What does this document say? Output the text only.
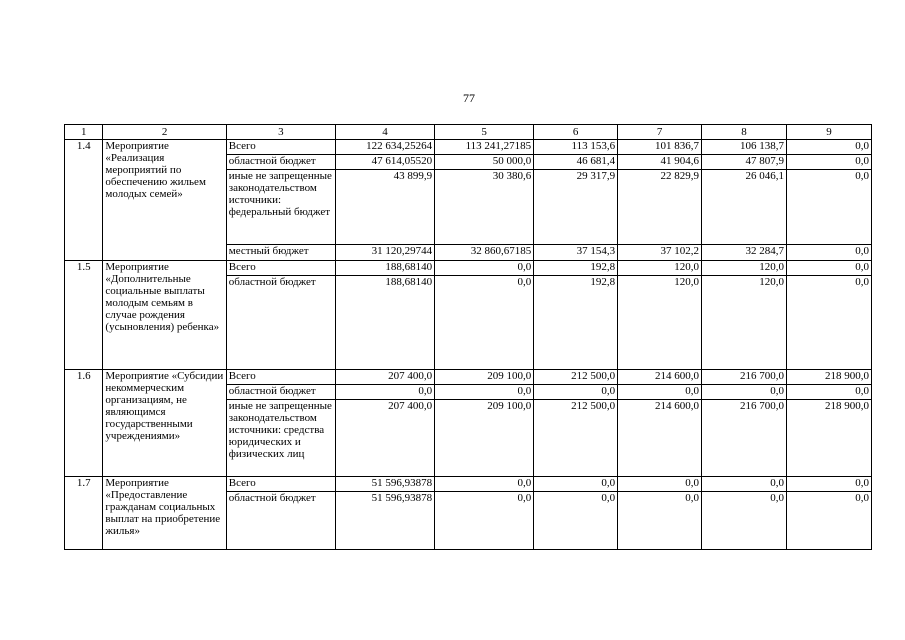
77
1	2	3	4	5	6	7	8	9
1.4	Мероприятие «Реализация мероприятий по обеспечению жильем молодых семей»	Всего	122 634,25264	113 241,27185	113 153,6	101 836,7	106 138,7	0,0
		областной бюджет	47 614,05520	50 000,0	46 681,4	41 904,6	47 807,9	0,0
		иные не запрещенные законодательством источники: федеральный бюджет	43 899,9	30 380,6	29 317,9	22 829,9	26 046,1	0,0
		местный бюджет	31 120,29744	32 860,67185	37 154,3	37 102,2	32 284,7	0,0
1.5	Мероприятие «Дополнительные социальные выплаты молодым семьям в случае рождения (усыновления) ребенка»	Всего	188,68140	0,0	192,8	120,0	120,0	0,0
		областной бюджет	188,68140	0,0	192,8	120,0	120,0	0,0
1.6	Мероприятие «Субсидии некоммерческим организациям, не являющимся государственными учреждениями»	Всего	207 400,0	209 100,0	212 500,0	214 600,0	216 700,0	218 900,0
		областной бюджет	0,0	0,0	0,0	0,0	0,0	0,0
		иные не запрещенные законодательством источники: средства юридических и физических лиц	207 400,0	209 100,0	212 500,0	214 600,0	216 700,0	218 900,0
1.7	Мероприятие «Предоставление гражданам социальных выплат на приобретение жилья»	Всего	51 596,93878	0,0	0,0	0,0	0,0	0,0
		областной бюджет	51 596,93878	0,0	0,0	0,0	0,0	0,0
